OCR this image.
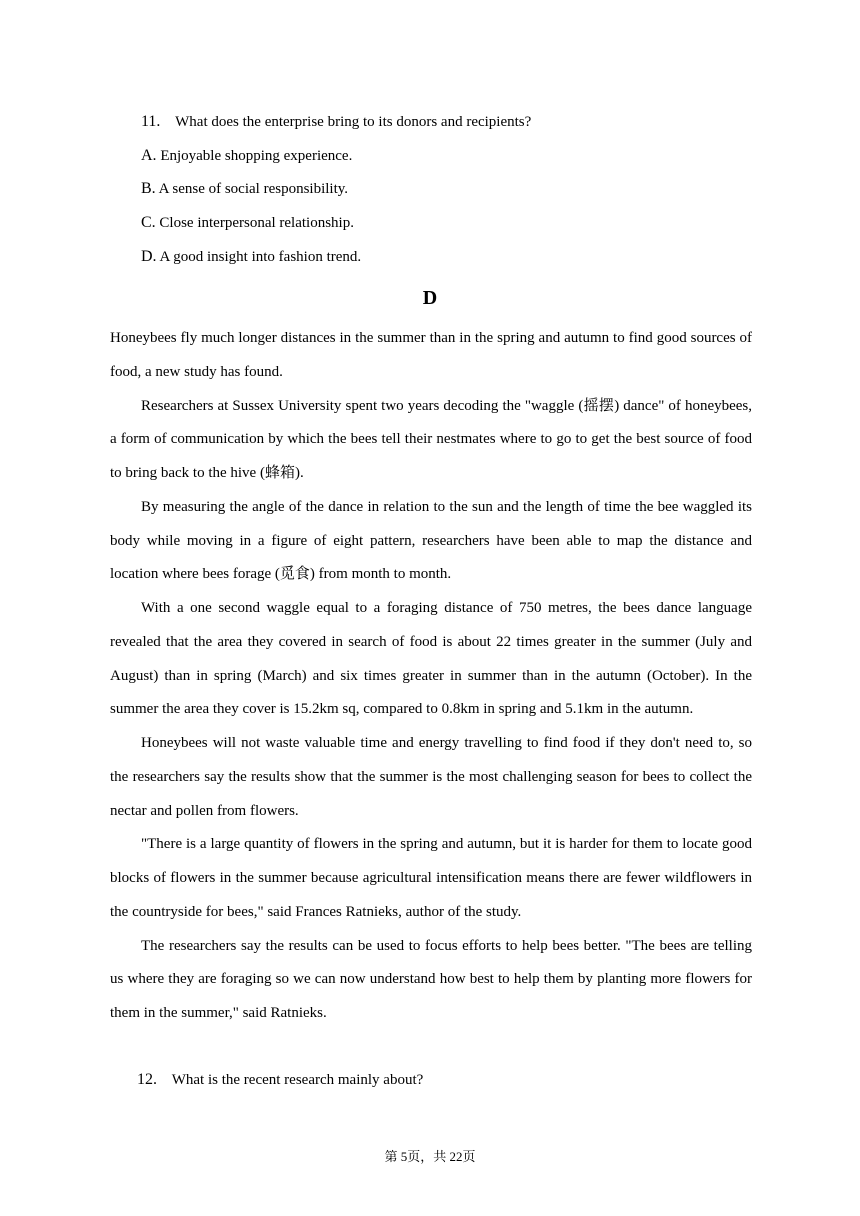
11. What does the enterprise bring to its donors and recipients?
A. Enjoyable shopping experience.
B. A sense of social responsibility.
C. Close interpersonal relationship.
D. A good insight into fashion trend.
D

Honeybees fly much longer distances in the summer than in the spring and autumn to find good sources of food, a new study has found.

Researchers at Sussex University spent two years decoding the "waggle (摇摆) dance" of honeybees, a form of communication by which the bees tell their nestmates where to go to get the best source of food to bring back to the hive (蜂箱).

By measuring the angle of the dance in relation to the sun and the length of time the bee waggled its body while moving in a figure of eight pattern, researchers have been able to map the distance and location where bees forage (觅食) from month to month.

With a one second waggle equal to a foraging distance of 750 metres, the bees dance language revealed that the area they covered in search of food is about 22 times greater in the summer (July and August) than in spring (March) and six times greater in summer than in the autumn (October). In the summer the area they cover is 15.2km sq, compared to 0.8km in spring and 5.1km in the autumn.

Honeybees will not waste valuable time and energy travelling to find food if they don't need to, so the researchers say the results show that the summer is the most challenging season for bees to collect the nectar and pollen from flowers.

"There is a large quantity of flowers in the spring and autumn, but it is harder for them to locate good blocks of flowers in the summer because agricultural intensification means there are fewer wildflowers in the countryside for bees," said Frances Ratnieks, author of the study.

The researchers say the results can be used to focus efforts to help bees better. "The bees are telling us where they are foraging so we can now understand how best to help them by planting more flowers for them in the summer," said Ratnieks.

12. What is the recent research mainly about?
第 5页，共 22页
